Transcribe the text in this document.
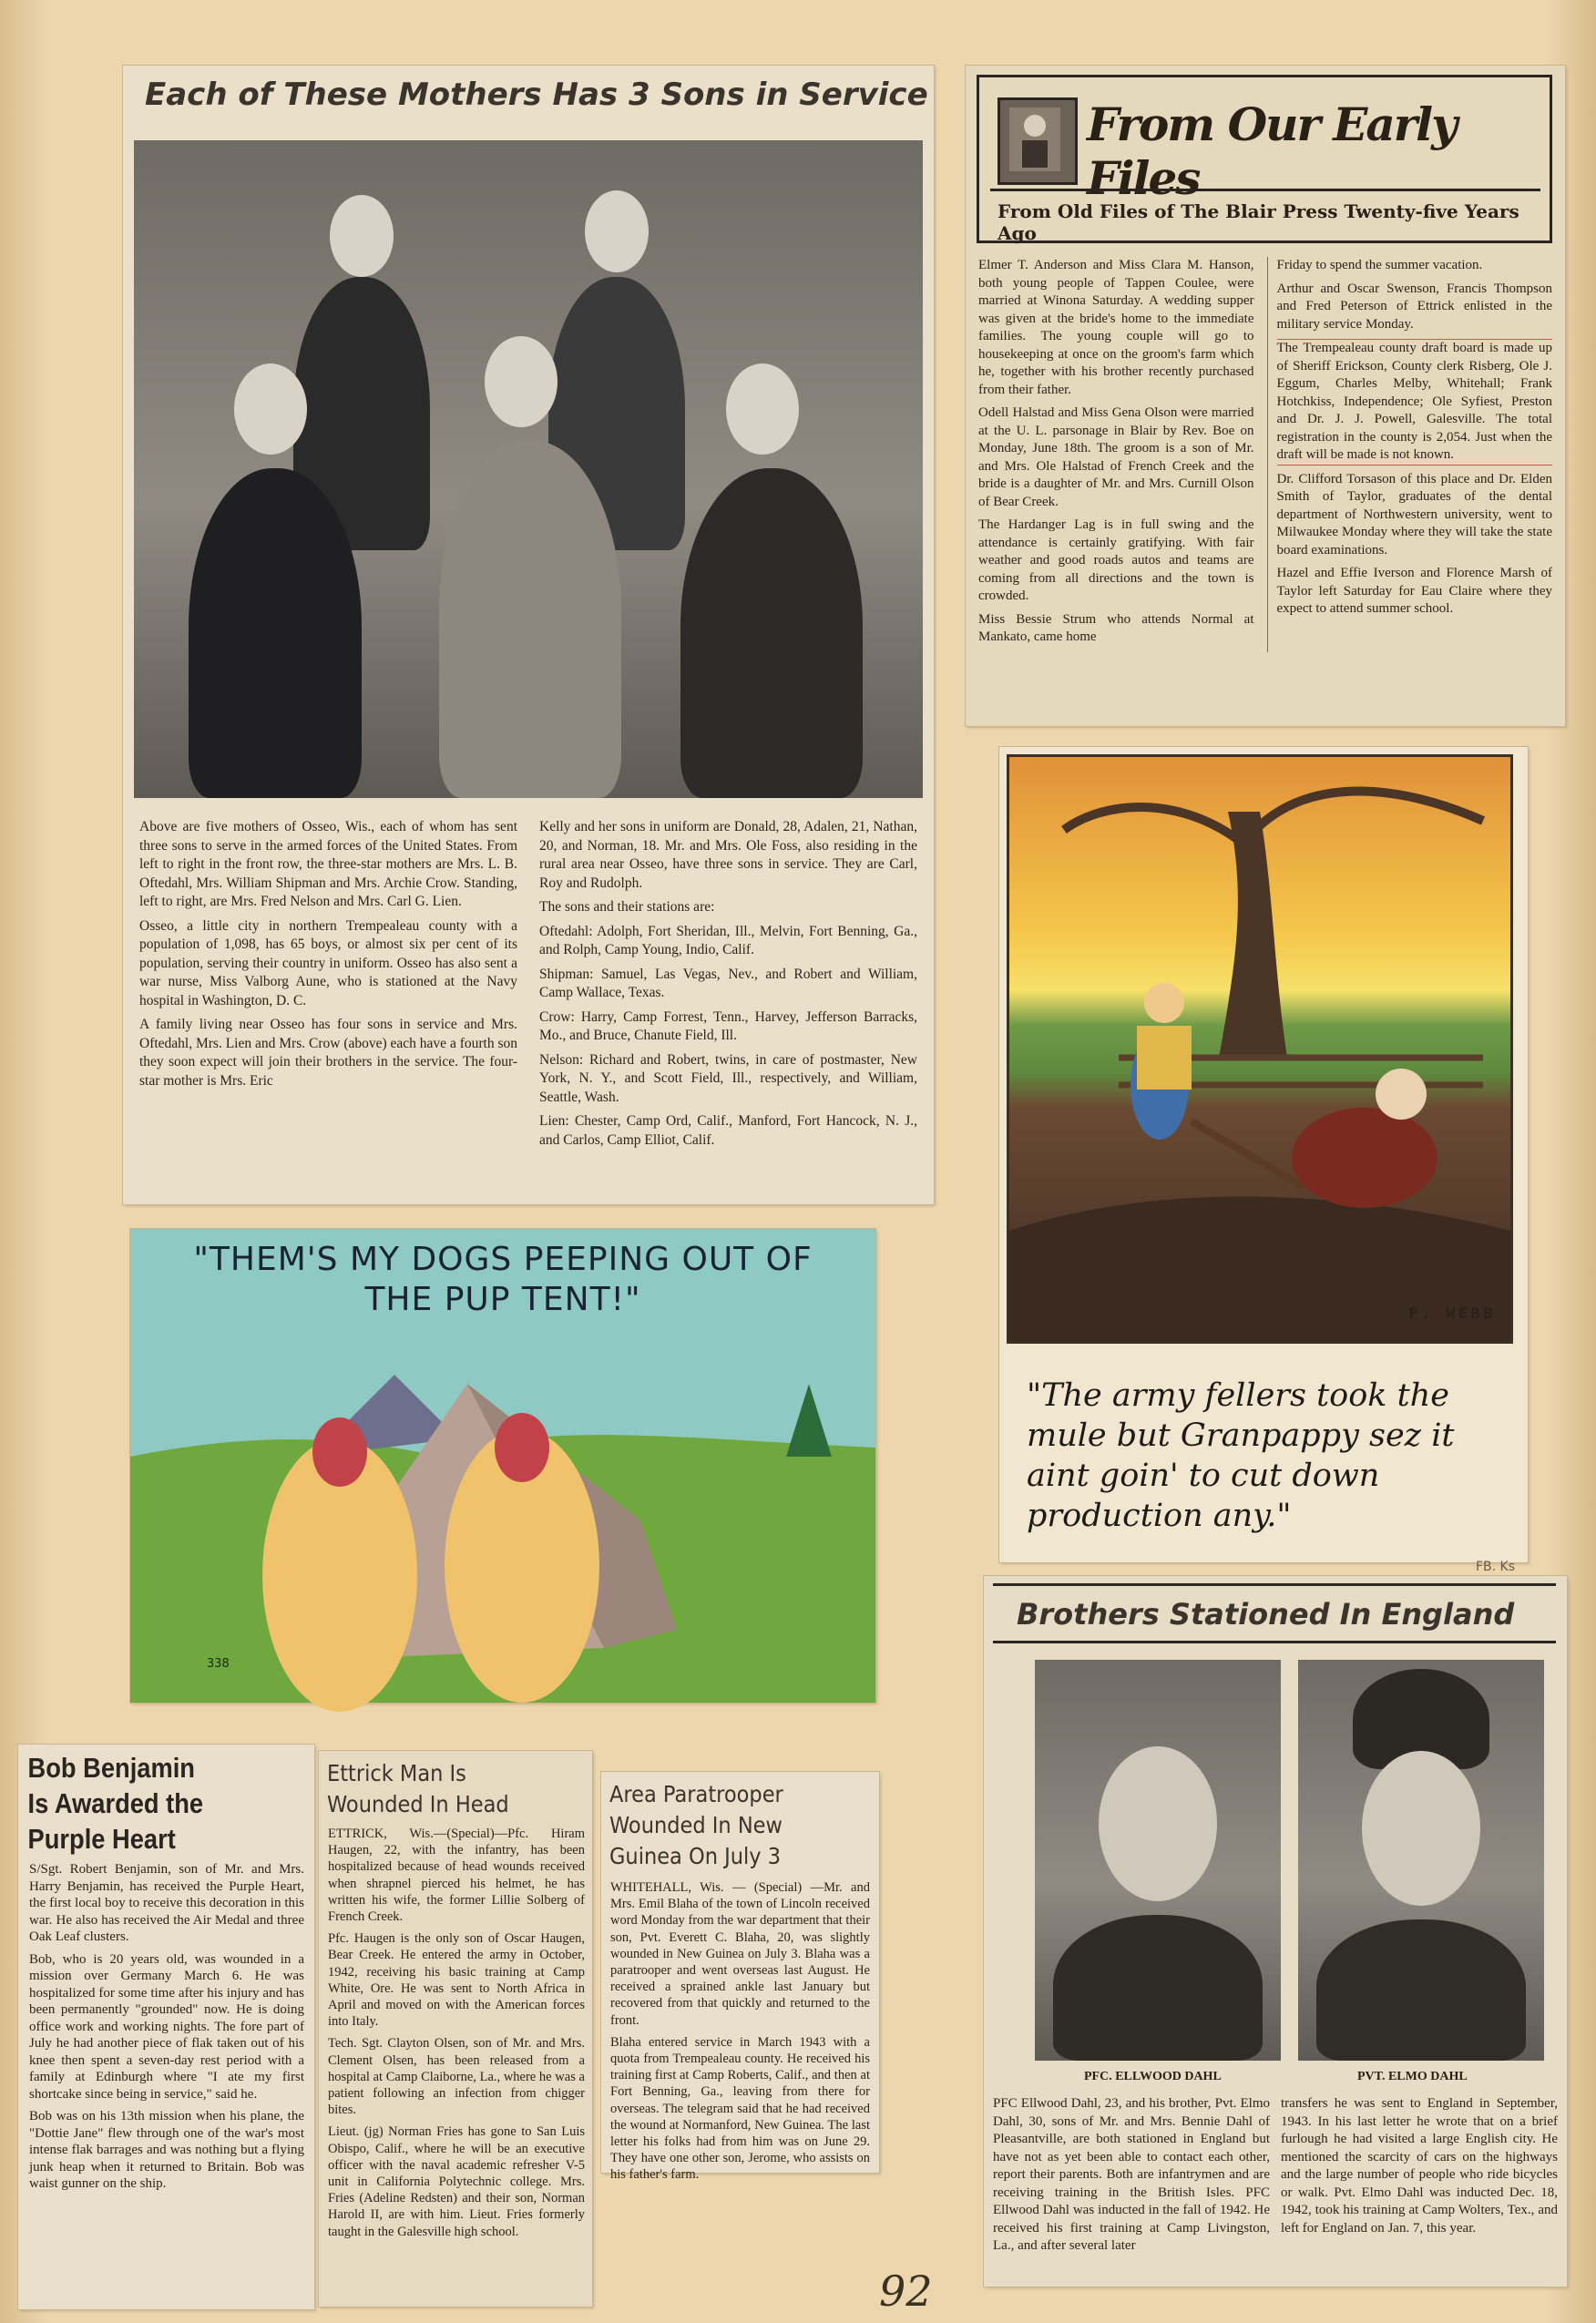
Each of These Mothers Has 3 Sons in Service

Above are five mothers of Osseo, Wis., each of whom has sent three sons to serve in the armed forces of the United States. From left to right in the front row, the three-star mothers are Mrs. L. B. Oftedahl, Mrs. William Shipman and Mrs. Archie Crow. Standing, left to right, are Mrs. Fred Nelson and Mrs. Carl G. Lien.

Osseo, a little city in northern Trempealeau county with a population of 1,098, has 65 boys, or almost six per cent of its population, serving their country in uniform. Osseo has also sent a war nurse, Miss Valborg Aune, who is stationed at the Navy hospital in Washington, D. C.

A family living near Osseo has four sons in service and Mrs. Oftedahl, Mrs. Lien and Mrs. Crow (above) each have a fourth son they soon expect will join their brothers in the service. The four-star mother is Mrs. Eric

Kelly and her sons in uniform are Donald, 28, Adalen, 21, Nathan, 20, and Norman, 18. Mr. and Mrs. Ole Foss, also residing in the rural area near Osseo, have three sons in service. They are Carl, Roy and Rudolph.

The sons and their stations are:

Oftedahl: Adolph, Fort Sheridan, Ill., Melvin, Fort Benning, Ga., and Rolph, Camp Young, Indio, Calif.

Shipman: Samuel, Las Vegas, Nev., and Robert and William, Camp Wallace, Texas.

Crow: Harry, Camp Forrest, Tenn., Harvey, Jefferson Barracks, Mo., and Bruce, Chanute Field, Ill.

Nelson: Richard and Robert, twins, in care of postmaster, New York, N. Y., and Scott Field, Ill., respectively, and William, Seattle, Wash.

Lien: Chester, Camp Ord, Calif., Manford, Fort Hancock, N. J., and Carlos, Camp Elliot, Calif.

From Our Early Files
From Old Files of The Blair Press Twenty-five Years Ago

Elmer T. Anderson and Miss Clara M. Hanson, both young people of Tappen Coulee, were married at Winona Saturday. A wedding supper was given at the bride's home to the immediate families. The young couple will go to housekeeping at once on the groom's farm which he, together with his brother recently purchased from their father.

Odell Halstad and Miss Gena Olson were married at the U. L. parsonage in Blair by Rev. Boe on Monday, June 18th. The groom is a son of Mr. and Mrs. Ole Halstad of French Creek and the bride is a daughter of Mr. and Mrs. Curnill Olson of Bear Creek.

The Hardanger Lag is in full swing and the attendance is certainly gratifying. With fair weather and good roads autos and teams are coming from all directions and the town is crowded.

Miss Bessie Strum who attends Normal at Mankato, came home

Friday to spend the summer vacation.

Arthur and Oscar Swenson, Francis Thompson and Fred Peterson of Ettrick enlisted in the military service Monday.

The Trempealeau county draft board is made up of Sheriff Erickson, County clerk Risberg, Ole J. Eggum, Charles Melby, Whitehall; Frank Hotchkiss, Independence; Ole Syfiest, Preston and Dr. J. J. Powell, Galesville. The total registration in the county is 2,054. Just when the draft will be made is not known.

Dr. Clifford Torsason of this place and Dr. Elden Smith of Taylor, graduates of the dental department of Northwestern university, went to Milwaukee Monday where they will take the state board examinations.

Hazel and Effie Iverson and Florence Marsh of Taylor left Saturday for Eau Claire where they expect to attend summer school.

P. WEBB
"The army fellers took the mule but Granpappy sez it aint goin' to cut down production any."
"THEM'S MY DOGS PEEPING OUT OF
THE PUP TENT!"
338
FB. Ks
Brothers Stationed In England
PFC. ELLWOOD DAHL	PVT. ELMO DAHL

PFC Ellwood Dahl, 23, and his brother, Pvt. Elmo Dahl, 30, sons of Mr. and Mrs. Bennie Dahl of Pleasantville, are both stationed in England but have not as yet been able to contact each other, report their parents. Both are infantrymen and are receiving training in the British Isles. PFC Ellwood Dahl was inducted in the fall of 1942. He received his first training at Camp Livingston, La., and after several later

transfers he was sent to England in September, 1943. In his last letter he wrote that on a brief furlough he had visited a large English city. He mentioned the scarcity of cars on the highways and the large number of people who ride bicycles or walk. Pvt. Elmo Dahl was inducted Dec. 18, 1942, took his training at Camp Wolters, Tex., and left for England on Jan. 7, this year.

Bob Benjamin
Is Awarded the
Purple Heart

S/Sgt. Robert Benjamin, son of Mr. and Mrs. Harry Benjamin, has received the Purple Heart, the first local boy to receive this decoration in this war. He also has received the Air Medal and three Oak Leaf clusters.

Bob, who is 20 years old, was wounded in a mission over Germany March 6. He was hospitalized for some time after his injury and has been permanently "grounded" now. He is doing office work and working nights. The fore part of July he had another piece of flak taken out of his knee then spent a seven-day rest period with a family at Edinburgh where "I ate my first shortcake since being in service," said he.

Bob was on his 13th mission when his plane, the "Dottie Jane" flew through one of the war's most intense flak barrages and was nothing but a flying junk heap when it returned to Britain. Bob was waist gunner on the ship.

Ettrick Man Is
Wounded In Head

ETTRICK, Wis.—(Special)—Pfc. Hiram Haugen, 22, with the infantry, has been hospitalized because of head wounds received when shrapnel pierced his helmet, he has written his wife, the former Lillie Solberg of French Creek.

Pfc. Haugen is the only son of Oscar Haugen, Bear Creek. He entered the army in October, 1942, receiving his basic training at Camp White, Ore. He was sent to North Africa in April and moved on with the American forces into Italy.

Tech. Sgt. Clayton Olsen, son of Mr. and Mrs. Clement Olsen, has been released from a hospital at Camp Claiborne, La., where he was a patient following an infection from chigger bites.

Lieut. (jg) Norman Fries has gone to San Luis Obispo, Calif., where he will be an executive officer with the naval academic refresher V-5 unit in California Polytechnic college. Mrs. Fries (Adeline Redsten) and their son, Norman Harold II, are with him. Lieut. Fries formerly taught in the Galesville high school.

Area Paratrooper
Wounded In New
Guinea On July 3

WHITEHALL, Wis. — (Special) —Mr. and Mrs. Emil Blaha of the town of Lincoln received word Monday from the war department that their son, Pvt. Everett C. Blaha, 20, was slightly wounded in New Guinea on July 3. Blaha was a paratrooper and went overseas last August. He received a sprained ankle last January but recovered from that quickly and returned to the front.

Blaha entered service in March 1943 with a quota from Trempealeau county. He received his training first at Camp Roberts, Calif., and then at Fort Benning, Ga., leaving from there for overseas. The telegram said that he had received the wound at Normanford, New Guinea. The last letter his folks had from him was on June 29. They have one other son, Jerome, who assists on his father's farm.

92
